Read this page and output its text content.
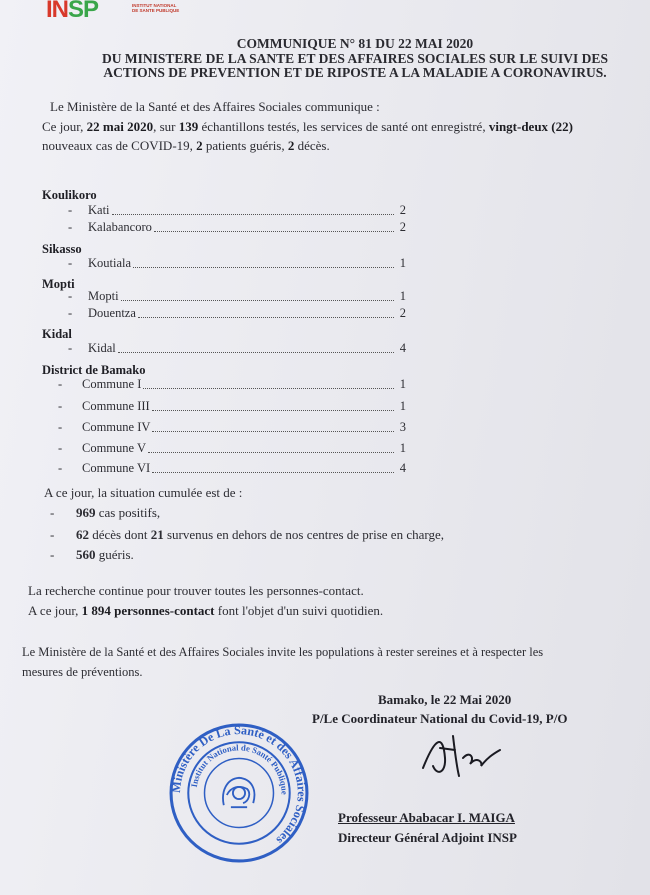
INSP	INSTITUT NATIONAL DE SANTE PUBLIQUE
COMMUNIQUE N° 81 DU 22 MAI 2020
DU MINISTERE DE LA SANTE ET DES AFFAIRES SOCIALES SUR LE SUIVI DES
ACTIONS DE PREVENTION ET DE RIPOSTE A LA MALADIE A CORONAVIRUS.
Le Ministère de la Santé et des Affaires Sociales communique :
Ce jour, 22 mai 2020, sur 139 échantillons testés, les services de santé ont enregistré, vingt-deux (22)
nouveaux cas de COVID-19, 2 patients guéris, 2 décès.
Koulikoro
-	Kati	2
-	Kalabancoro	2
Sikasso
-	Koutiala	1
Mopti
-	Mopti	1
-	Douentza	2
Kidal
-	Kidal	4
District de Bamako
-	Commune I	1
-	Commune III	1
-	Commune IV	3
-	Commune V	1
-	Commune VI	4
A ce jour, la situation cumulée est de :
- 969 cas positifs,
- 62 décès dont 21 survenus en dehors de nos centres de prise en charge,
- 560 guéris.
La recherche continue pour trouver toutes les personnes-contact.
A ce jour, 1 894 personnes-contact font l'objet d'un suivi quotidien.
Le Ministère de la Santé et des Affaires Sociales invite les populations à rester sereines et à respecter les
mesures de préventions.
Bamako, le 22 Mai 2020
P/Le Coordinateur National du Covid-19, P/O
Professeur Ababacar I. MAIGA
Directeur Général Adjoint INSP
Ministère De La Santé et des Affaires Sociales
Institut National de Santé Publique
